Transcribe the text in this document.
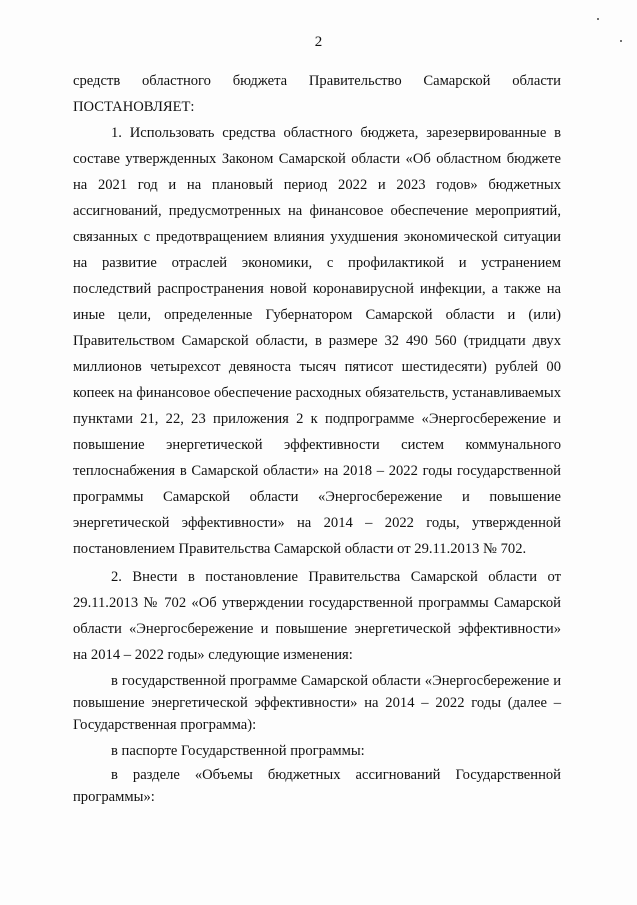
2

средств областного бюджета Правительство Самарской области ПОСТАНОВЛЯЕТ:

1. Использовать средства областного бюджета, зарезервированные в составе утвержденных Законом Самарской области «Об областном бюджете на 2021 год и на плановый период 2022 и 2023 годов» бюджетных ассигнований, предусмотренных на финансовое обеспечение мероприятий, связанных с предотвращением влияния ухудшения экономической ситуации на развитие отраслей экономики, с профилактикой и устранением последствий распространения новой коронавирусной инфекции, а также на иные цели, определенные Губернатором Самарской области и (или) Правительством Самарской области, в размере 32 490 560 (тридцати двух миллионов четырехсот девяноста тысяч пятисот шестидесяти) рублей 00 копеек на финансовое обеспечение расходных обязательств, устанавливаемых пунктами 21, 22, 23 приложения 2 к подпрограмме «Энергосбережение и повышение энергетической эффективности систем коммунального теплоснабжения в Самарской области» на 2018 – 2022 годы государственной программы Самарской области «Энергосбережение и повышение энергетической эффективности» на 2014 – 2022 годы, утвержденной постановлением Правительства Самарской области от 29.11.2013 № 702.

2. Внести в постановление Правительства Самарской области от 29.11.2013 № 702 «Об утверждении государственной программы Самарской области «Энергосбережение и повышение энергетической эффективности» на 2014 – 2022 годы» следующие изменения:

в государственной программе Самарской области «Энергосбережение и повышение энергетической эффективности» на 2014 – 2022 годы (далее – Государственная программа):

в паспорте Государственной программы:

в разделе «Объемы бюджетных ассигнований Государственной программы»:
